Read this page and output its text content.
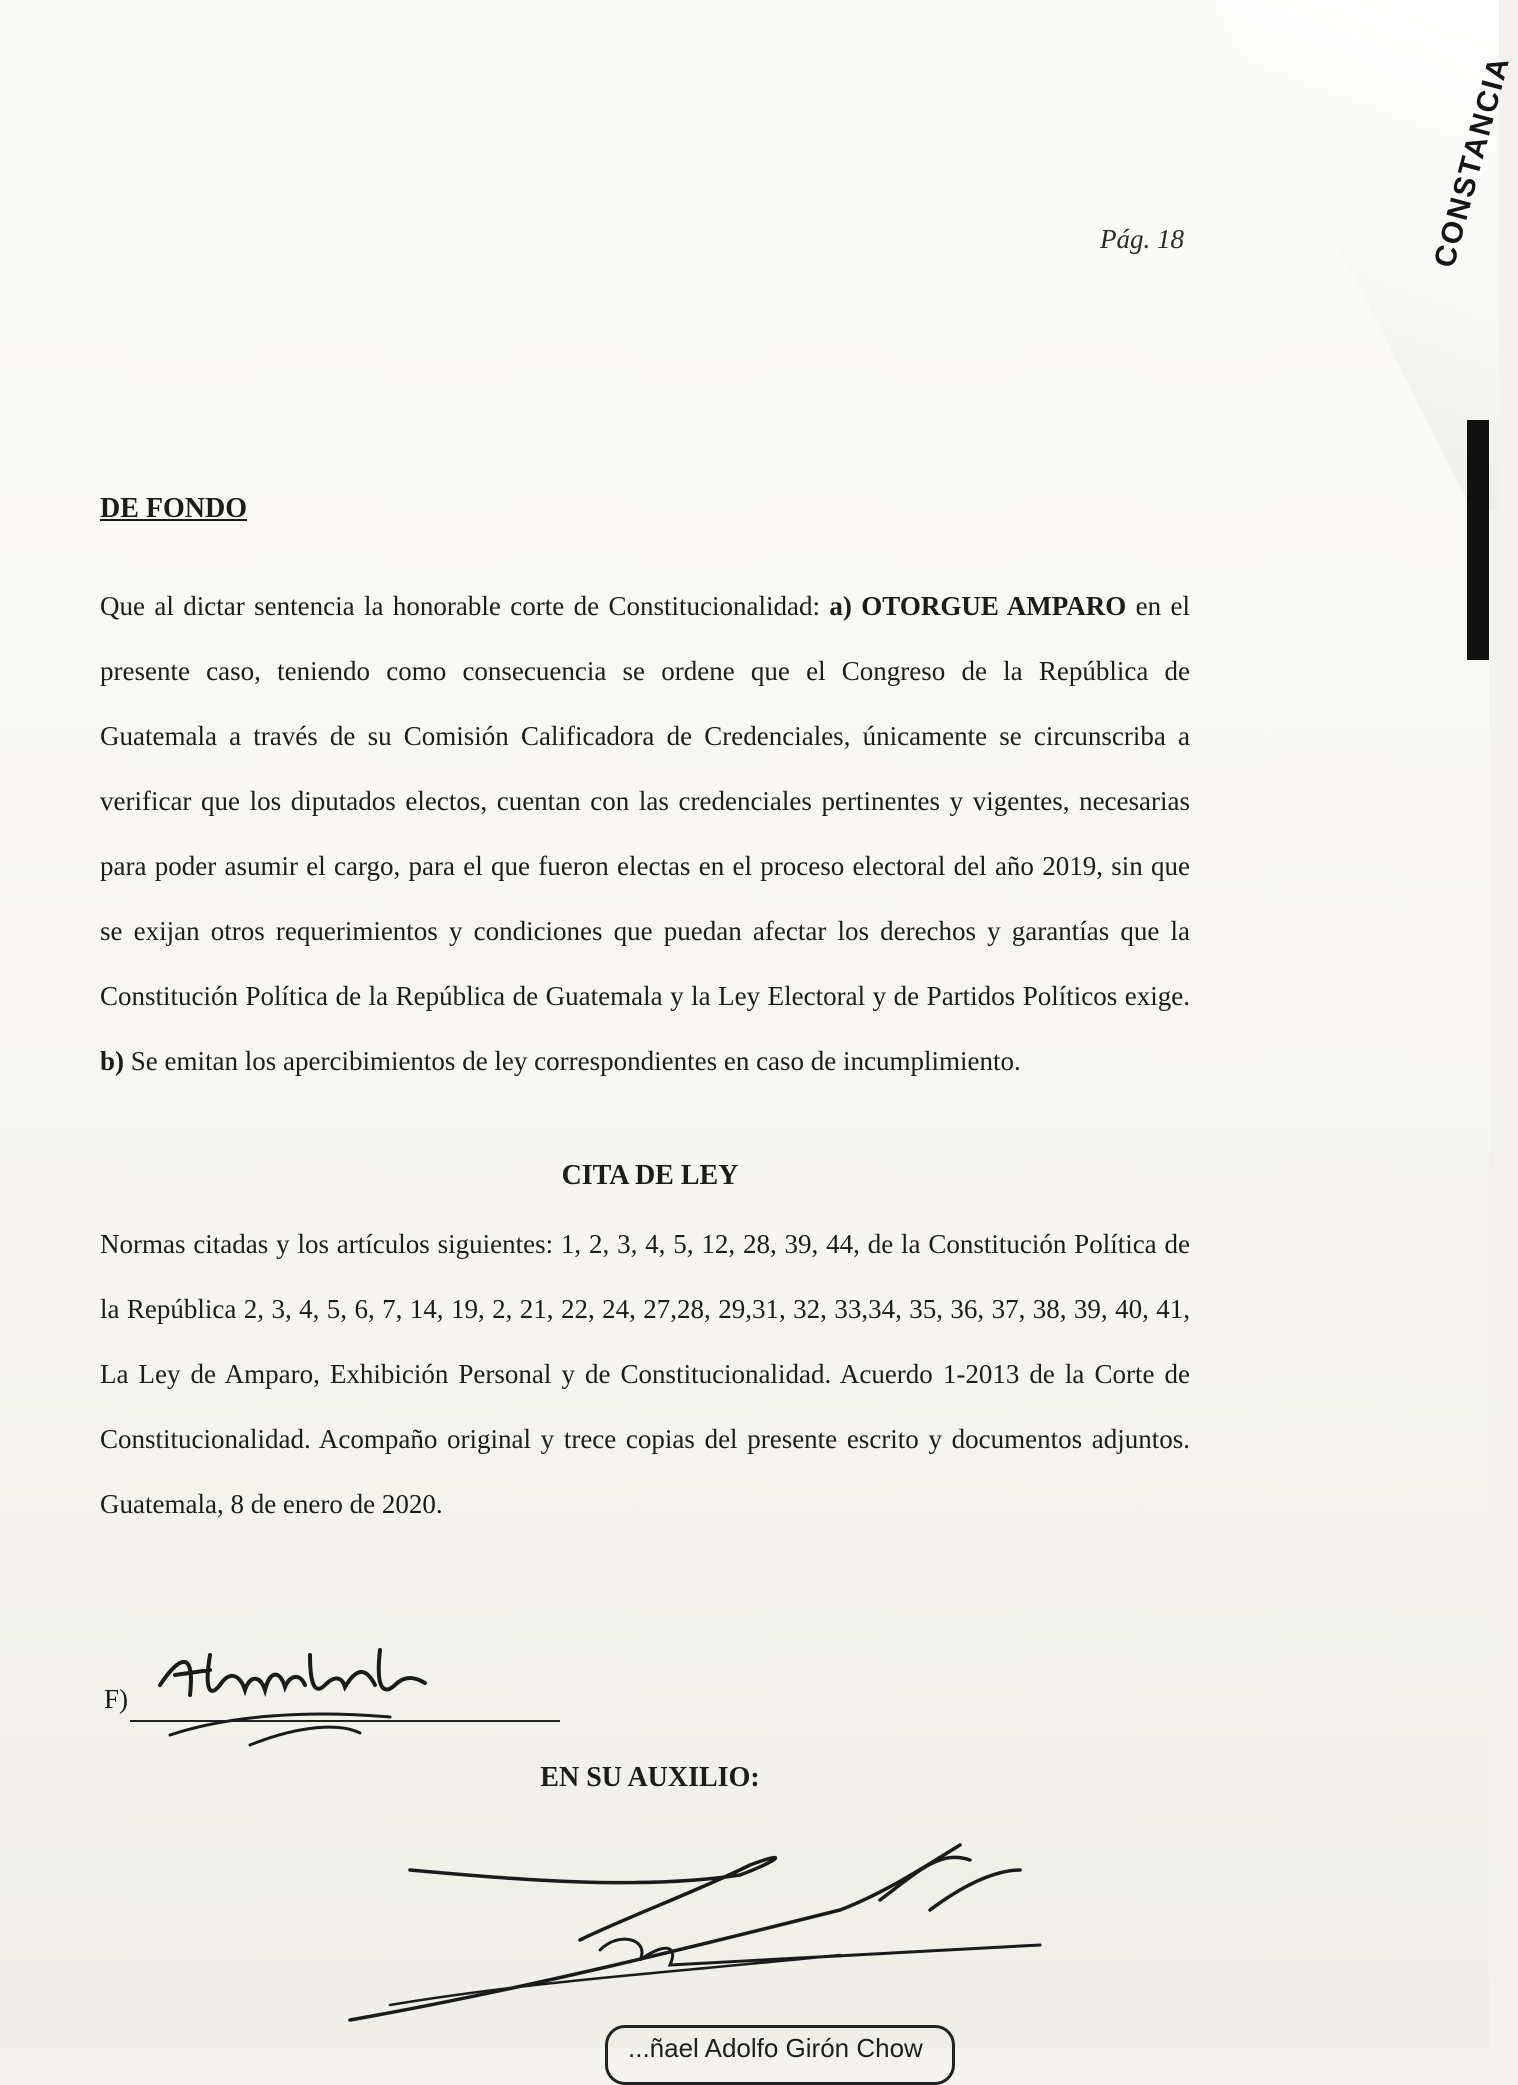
CONSTANCIA
Pág. 18
DE FONDO
Que al dictar sentencia la honorable corte de Constitucionalidad: a) OTORGUE AMPARO en el presente caso, teniendo como consecuencia se ordene que el Congreso de la República de Guatemala a través de su Comisión Calificadora de Credenciales, únicamente se circunscriba a verificar que los diputados electos, cuentan con las credenciales pertinentes y vigentes, necesarias para poder asumir el cargo, para el que fueron electas en el proceso electoral del año 2019, sin que se exijan otros requerimientos y condiciones que puedan afectar los derechos y garantías que la Constitución Política de la República de Guatemala y la Ley Electoral y de Partidos Políticos exige. b) Se emitan los apercibimientos de ley correspondientes en caso de incumplimiento.
CITA DE LEY
Normas citadas y los artículos siguientes: 1, 2, 3, 4, 5, 12, 28, 39, 44, de la Constitución Política de la República 2, 3, 4, 5, 6, 7, 14, 19, 2, 21, 22, 24, 27,28, 29,31, 32, 33,34, 35, 36, 37, 38, 39, 40, 41, La Ley de Amparo, Exhibición Personal y de Constitucionalidad. Acuerdo 1-2013 de la Corte de Constitucionalidad. Acompaño original y trece copias del presente escrito y documentos adjuntos. Guatemala, 8 de enero de 2020.
F)
EN SU AUXILIO:
...ñael Adolfo Girón Chow
